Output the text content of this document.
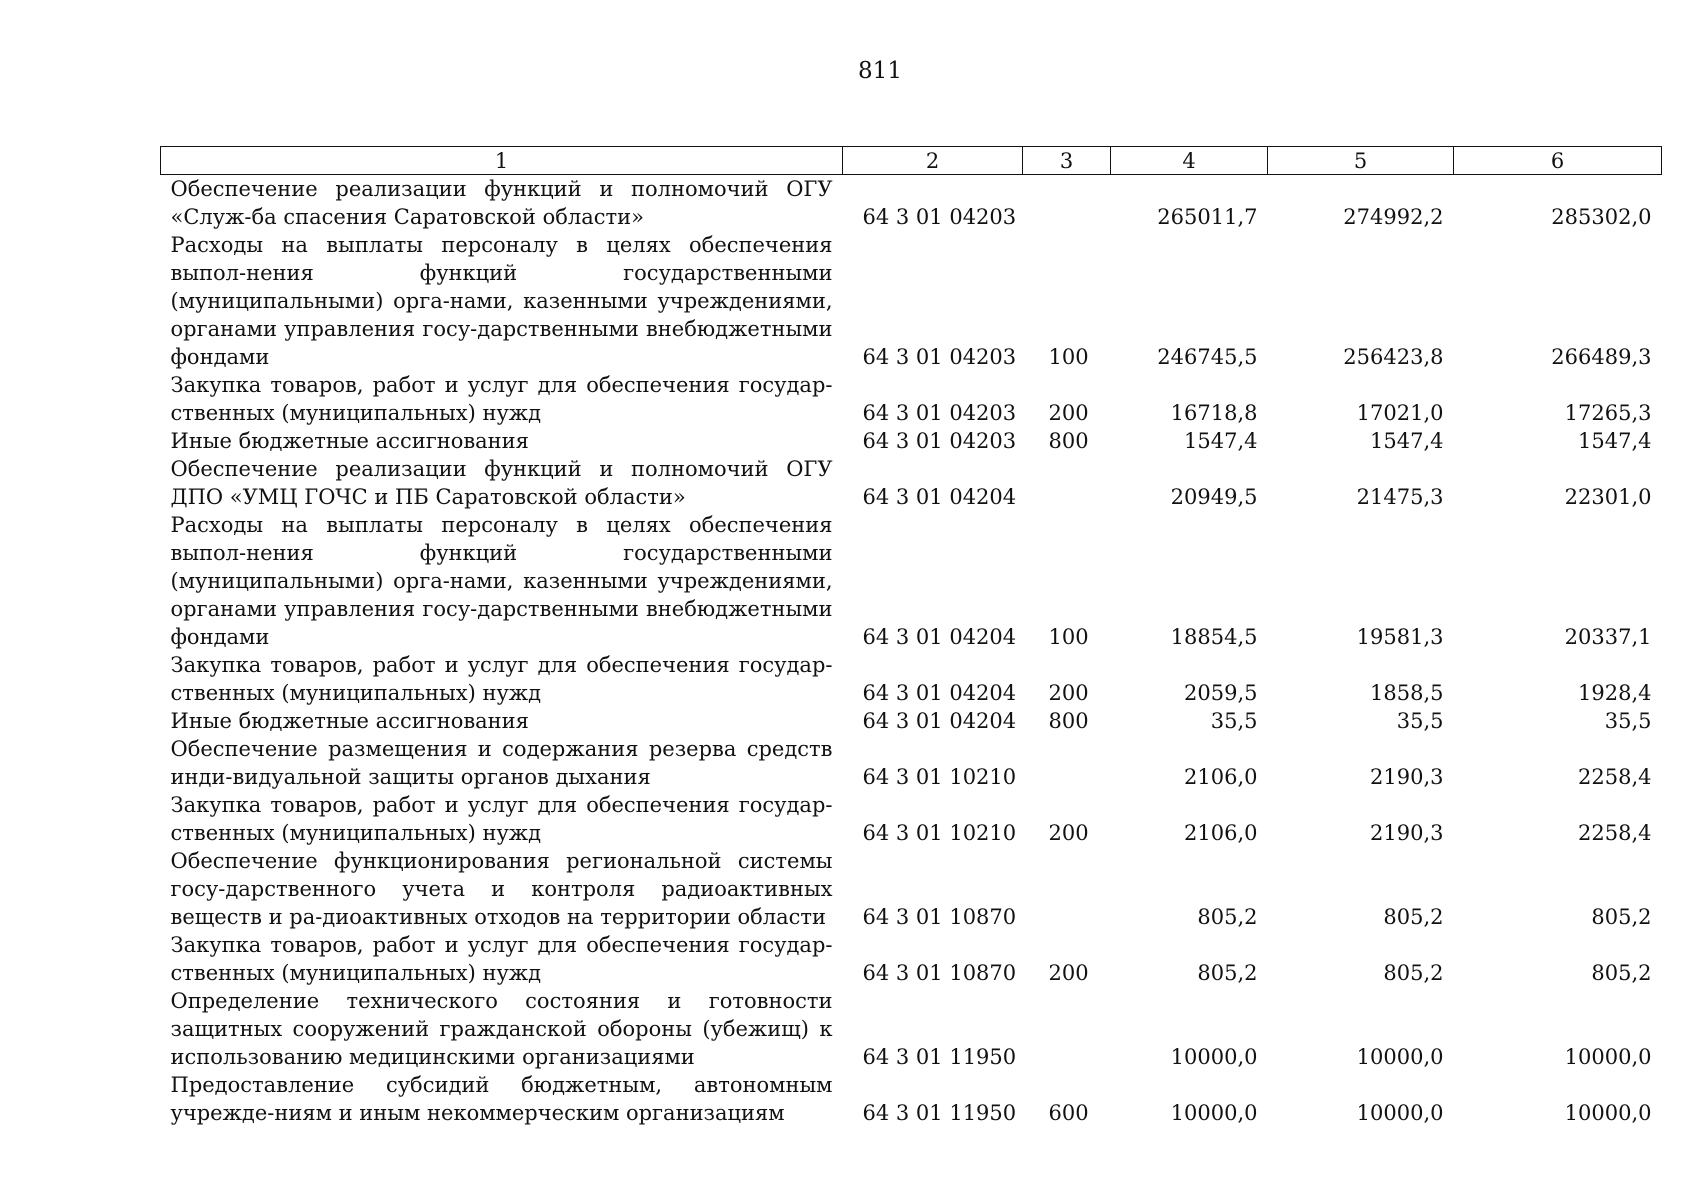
811
1	2	3	4	5	6
Обеспечение реализации функций и полномочий ОГУ «Служ-ба спасения Саратовской области»	64 3 01 04203		265011,7	274992,2	285302,0
Расходы на выплаты персоналу в целях обеспечения выпол-нения функций государственными (муниципальными) орга-нами, казенными учреждениями, органами управления госу-дарственными внебюджетными фондами	64 3 01 04203	100	246745,5	256423,8	266489,3
Закупка товаров, работ и услуг для обеспечения государ-ственных (муниципальных) нужд	64 3 01 04203	200	16718,8	17021,0	17265,3
Иные бюджетные ассигнования	64 3 01 04203	800	1547,4	1547,4	1547,4
Обеспечение реализации функций и полномочий ОГУ ДПО «УМЦ ГОЧС и ПБ Саратовской области»	64 3 01 04204		20949,5	21475,3	22301,0
Расходы на выплаты персоналу в целях обеспечения выпол-нения функций государственными (муниципальными) орга-нами, казенными учреждениями, органами управления госу-дарственными внебюджетными фондами	64 3 01 04204	100	18854,5	19581,3	20337,1
Закупка товаров, работ и услуг для обеспечения государ-ственных (муниципальных) нужд	64 3 01 04204	200	2059,5	1858,5	1928,4
Иные бюджетные ассигнования	64 3 01 04204	800	35,5	35,5	35,5
Обеспечение размещения и содержания резерва средств инди-видуальной защиты органов дыхания	64 3 01 10210		2106,0	2190,3	2258,4
Закупка товаров, работ и услуг для обеспечения государ-ственных (муниципальных) нужд	64 3 01 10210	200	2106,0	2190,3	2258,4
Обеспечение функционирования региональной системы госу-дарственного учета и контроля радиоактивных веществ и ра-диоактивных отходов на территории области	64 3 01 10870		805,2	805,2	805,2
Закупка товаров, работ и услуг для обеспечения государ-ственных (муниципальных) нужд	64 3 01 10870	200	805,2	805,2	805,2
Определение технического состояния и готовности защитных сооружений гражданской обороны (убежищ) к использованию медицинскими организациями	64 3 01 11950		10000,0	10000,0	10000,0
Предоставление субсидий бюджетным, автономным учрежде-ниям и иным некоммерческим организациям	64 3 01 11950	600	10000,0	10000,0	10000,0
